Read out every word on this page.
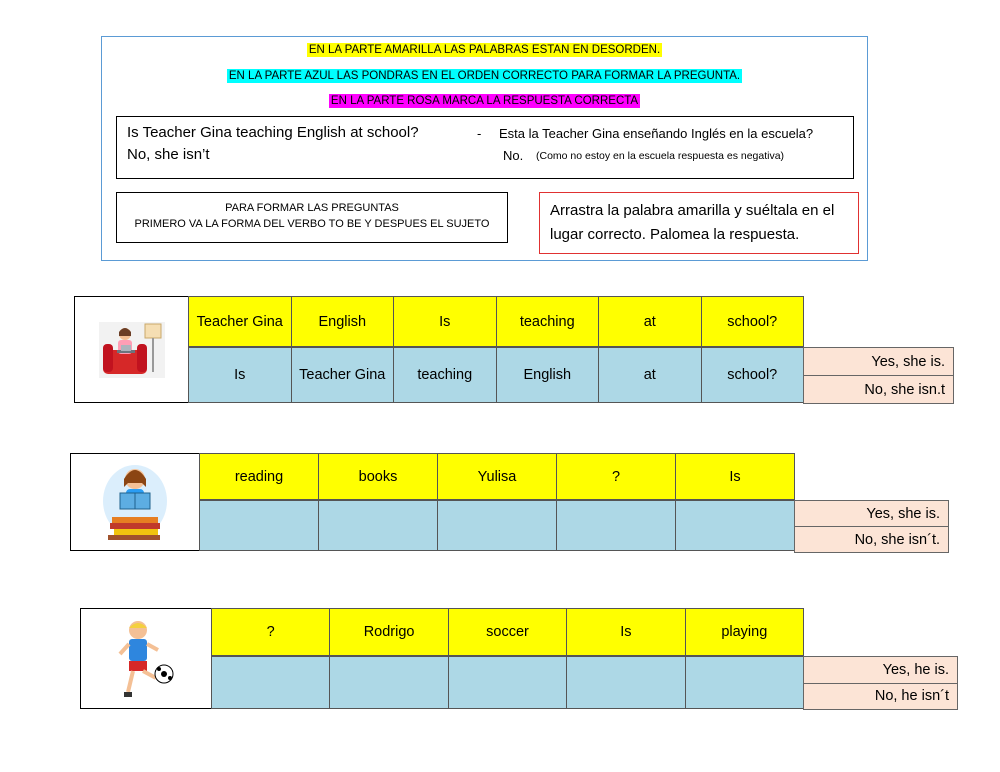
EN LA PARTE AMARILLA LAS PALABRAS ESTAN EN DESORDEN.
EN LA PARTE AZUL LAS PONDRAS EN EL ORDEN CORRECTO PARA FORMAR LA PREGUNTA.
EN LA PARTE ROSA MARCA LA RESPUESTA CORRECTA
Is Teacher Gina teaching English at school?
No, she isn’t
- Esta la Teacher Gina enseñando Inglés en la escuela?
No. (Como no estoy en la escuela respuesta es negativa)
PARA FORMAR LAS PREGUNTAS
PRIMERO VA LA FORMA DEL VERBO TO BE Y DESPUES EL SUJETO
Arrastra la palabra amarilla y suéltala en el lugar correcto. Palomea la respuesta.
Teacher Gina	English	Is	teaching	at	school?
Is	Teacher Gina	teaching	English	at	school?
Yes, she is.
No, she isn.t
reading	books	Yulisa	?	Is
Yes, she is.
No, she isn´t.
?	Rodrigo	soccer	Is	playing
Yes, he is.
No, he isn´t
